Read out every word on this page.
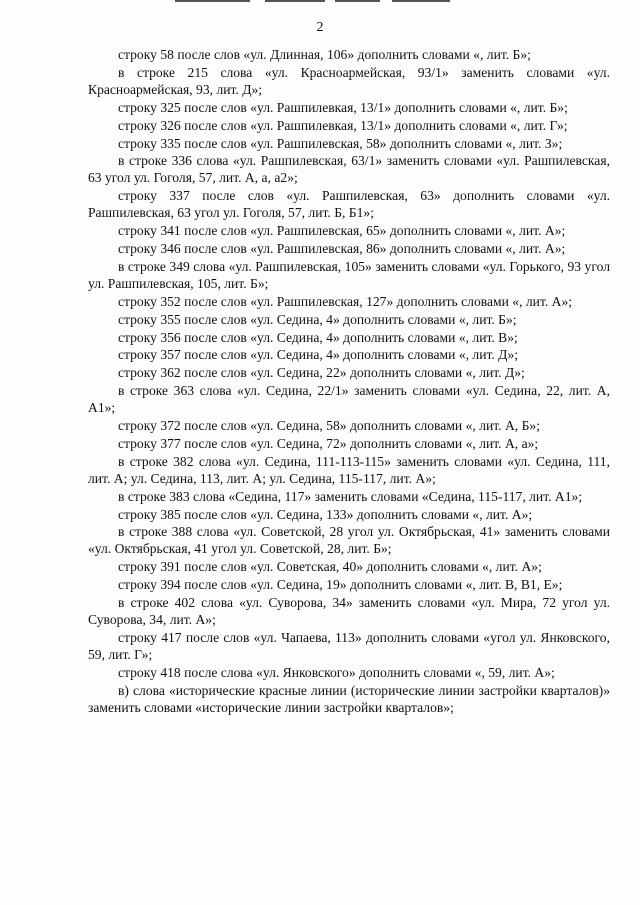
2

строку 58 после слов «ул. Длинная, 106» дополнить словами «, лит. Б»;

в строке 215 слова «ул. Красноармейская, 93/1» заменить словами «ул. Красноармейская, 93, лит. Д»;

строку 325 после слов «ул. Рашпилевкая, 13/1» дополнить словами «, лит. Б»;

строку 326 после слов «ул. Рашпилевкая, 13/1» дополнить словами «, лит. Г»;

строку 335 после слов «ул. Рашпилевская, 58» дополнить словами «, лит. З»;

в строке 336 слова «ул. Рашпилевская, 63/1» заменить словами «ул. Рашпилевская, 63 угол ул. Гоголя, 57, лит. А, а, а2»;

строку 337 после слов «ул. Рашпилевская, 63» дополнить словами «ул. Рашпилевская, 63 угол ул. Гоголя, 57, лит. Б, Б1»;

строку 341 после слов «ул. Рашпилевская, 65» дополнить словами «, лит. А»;

строку 346 после слов «ул. Рашпилевская, 86» дополнить словами «, лит. А»;

в строке 349 слова «ул. Рашпилевская, 105» заменить словами «ул. Горького, 93 угол ул. Рашпилевская, 105, лит. Б»;

строку 352 после слов «ул. Рашпилевская, 127» дополнить словами «, лит. А»;

строку 355 после слов «ул. Седина, 4» дополнить словами «, лит. Б»;

строку 356 после слов «ул. Седина, 4» дополнить словами «, лит. В»;

строку 357 после слов «ул. Седина, 4» дополнить словами «, лит. Д»;

строку 362 после слов «ул. Седина, 22» дополнить словами «, лит. Д»;

в строке 363 слова «ул. Седина, 22/1» заменить словами «ул. Седина, 22, лит. А, А1»;

строку 372 после слов «ул. Седина, 58» дополнить словами «, лит. А, Б»;

строку 377 после слов «ул. Седина, 72» дополнить словами «, лит. А, а»;

в строке 382 слова «ул. Седина, 111-113-115» заменить словами «ул. Седина, 111, лит. А; ул. Седина, 113, лит. А; ул. Седина, 115-117, лит. А»;

в строке 383 слова «Седина, 117» заменить словами «Седина, 115-117, лит. А1»;

строку 385 после слов «ул. Седина, 133» дополнить словами «, лит. А»;

в строке 388 слова «ул. Советской, 28 угол ул. Октябрьская, 41» заменить словами «ул. Октябрьская, 41 угол ул. Советской, 28, лит. Б»;

строку 391 после слов «ул. Советская, 40» дополнить словами «, лит. А»;

строку 394 после слов «ул. Седина, 19» дополнить словами «, лит. В, В1, Е»;

в строке 402 слова «ул. Суворова, 34» заменить словами «ул. Мира, 72 угол ул. Суворова, 34, лит. А»;

строку 417 после слов «ул. Чапаева, 113» дополнить словами «угол ул. Янковского, 59, лит. Г»;

строку 418 после слова «ул. Янковского» дополнить словами «, 59, лит. А»;

в) слова «исторические красные линии (исторические линии застройки кварталов)» заменить словами «исторические линии застройки кварталов»;
